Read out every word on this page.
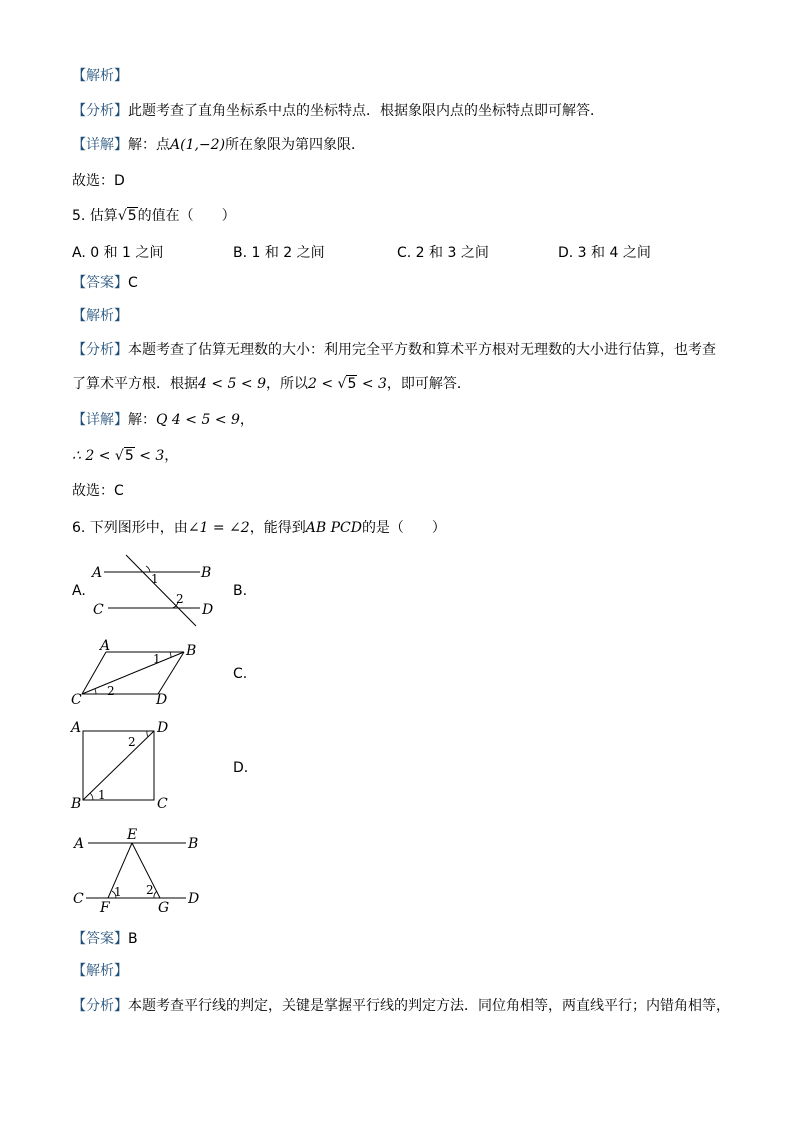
【解析】
【分析】此题考查了直角坐标系中点的坐标特点．根据象限内点的坐标特点即可解答．
【详解】解：点A(1,−2)所在象限为第四象限．
故选：D
5. 估算√5的值在（　　）
A. 0 和 1 之间	B. 1 和 2 之间	C. 2 和 3 之间	D. 3 和 4 之间
【答案】C
【解析】
【分析】本题考查了估算无理数的大小：利用完全平方数和算术平方根对无理数的大小进行估算，也考查
了算术平方根．根据4 < 5 < 9，所以2 < √5 < 3，即可解答．
【详解】解：Q 4 < 5 < 9，
∴ 2 < √5 < 3，
故选：C
6. 下列图形中，由∠1 = ∠2，能得到AB PCD的是（　　）
A.	B.
C.
D.
A	B
C	D
1
2
A	B
C	D
1
2
A	D
B	C
1
2
A	B
E
C	D
F	G
1 2
【答案】B
【解析】
【分析】本题考查平行线的判定，关键是掌握平行线的判定方法．同位角相等，两直线平行；内错角相等，
